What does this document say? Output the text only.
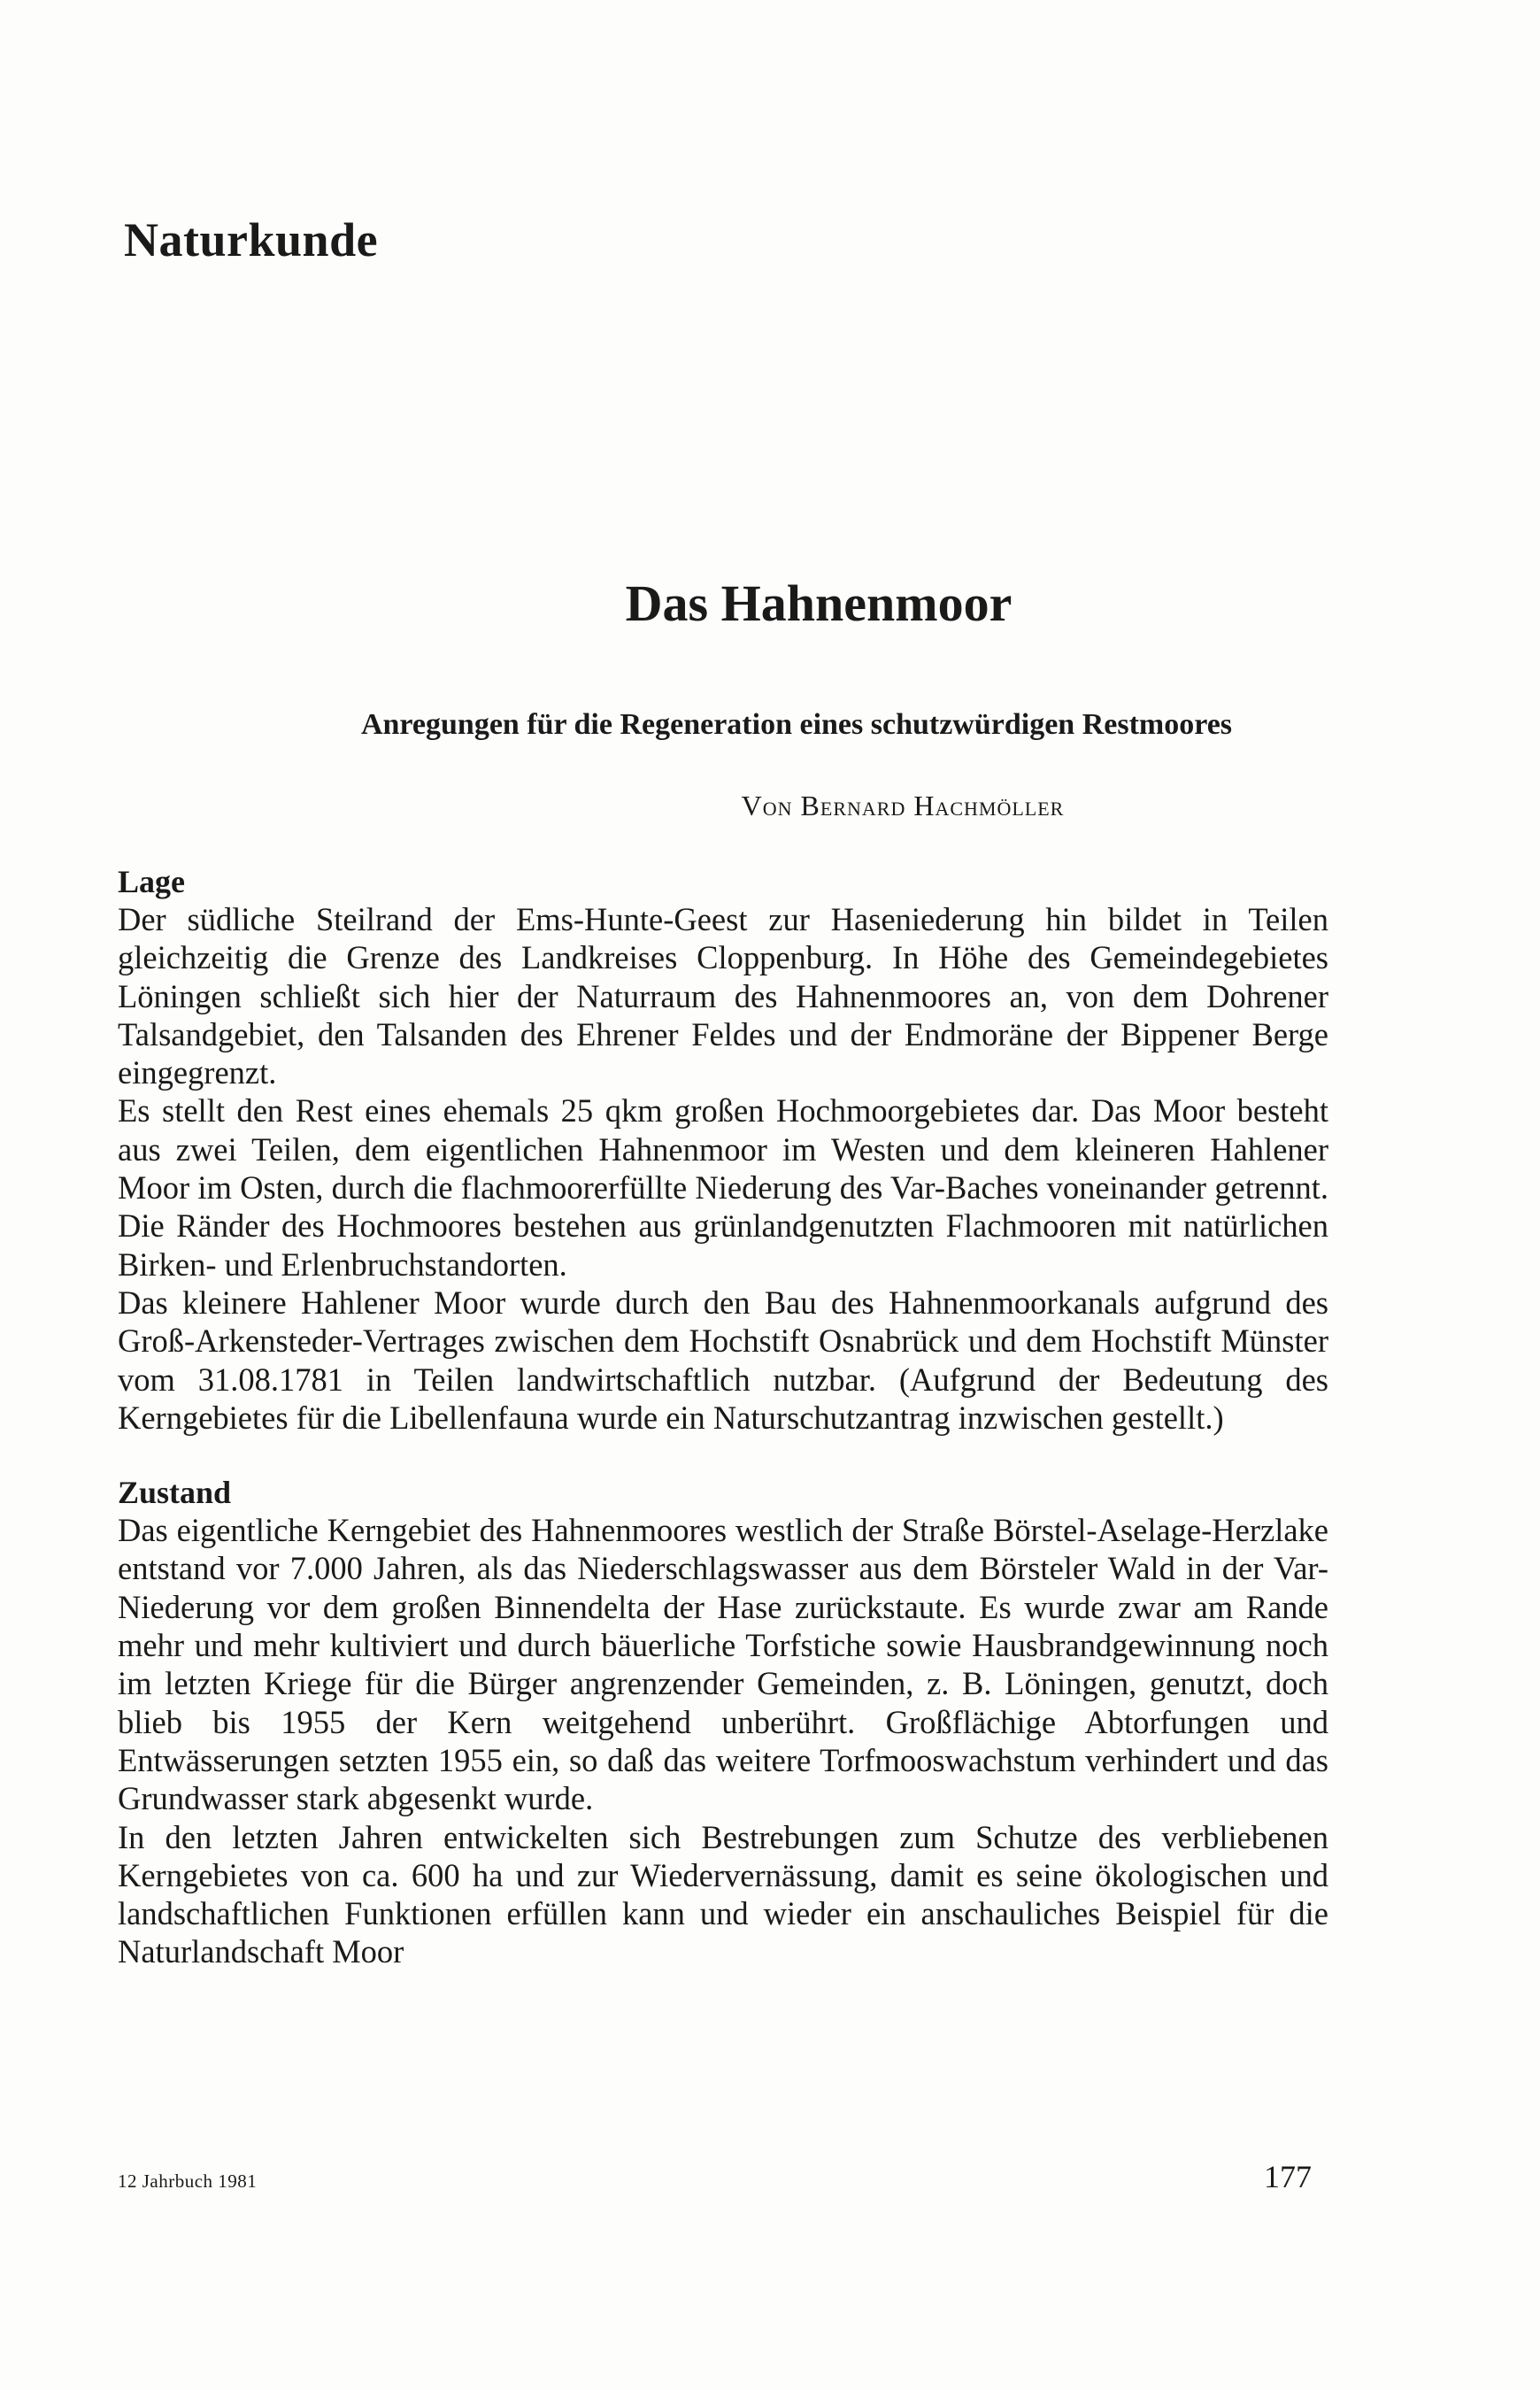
Naturkunde
Das Hahnenmoor
Anregungen für die Regeneration eines schutzwürdigen Restmoores
Von Bernard Hachmöller
Lage

Der südliche Steilrand der Ems-Hunte-Geest zur Haseniederung hin bildet in Teilen gleichzeitig die Grenze des Landkreises Cloppenburg. In Höhe des Gemeindegebietes Löningen schließt sich hier der Naturraum des Hahnenmoores an, von dem Dohrener Talsandgebiet, den Talsanden des Ehrener Feldes und der Endmoräne der Bippener Berge eingegrenzt.

Es stellt den Rest eines ehemals 25 qkm großen Hochmoorgebietes dar. Das Moor besteht aus zwei Teilen, dem eigentlichen Hahnenmoor im Westen und dem kleineren Hahlener Moor im Osten, durch die flachmoorerfüllte Niederung des Var-Baches voneinander getrennt. Die Ränder des Hochmoores bestehen aus grünlandgenutzten Flachmooren mit natürlichen Birken- und Erlenbruchstandorten.

Das kleinere Hahlener Moor wurde durch den Bau des Hahnenmoorkanals aufgrund des Groß-Arkensteder-Vertrages zwischen dem Hochstift Osnabrück und dem Hochstift Münster vom 31.08.1781 in Teilen landwirtschaftlich nutzbar. (Aufgrund der Bedeutung des Kerngebietes für die Libellenfauna wurde ein Naturschutzantrag inzwischen gestellt.)

Zustand

Das eigentliche Kerngebiet des Hahnenmoores westlich der Straße Börstel-Aselage-Herzlake entstand vor 7.000 Jahren, als das Niederschlagswasser aus dem Börsteler Wald in der Var-Niederung vor dem großen Binnendelta der Hase zurückstaute. Es wurde zwar am Rande mehr und mehr kultiviert und durch bäuerliche Torfstiche sowie Hausbrandgewinnung noch im letzten Kriege für die Bürger angrenzender Gemeinden, z. B. Löningen, genutzt, doch blieb bis 1955 der Kern weitgehend unberührt. Großflächige Abtorfungen und Entwässerungen setzten 1955 ein, so daß das weitere Torfmooswachstum verhindert und das Grundwasser stark abgesenkt wurde.

In den letzten Jahren entwickelten sich Bestrebungen zum Schutze des verbliebenen Kerngebietes von ca. 600 ha und zur Wiedervernässung, damit es seine ökologischen und landschaftlichen Funktionen erfüllen kann und wieder ein anschauliches Beispiel für die Naturlandschaft Moor

12 Jahrbuch 1981	177
